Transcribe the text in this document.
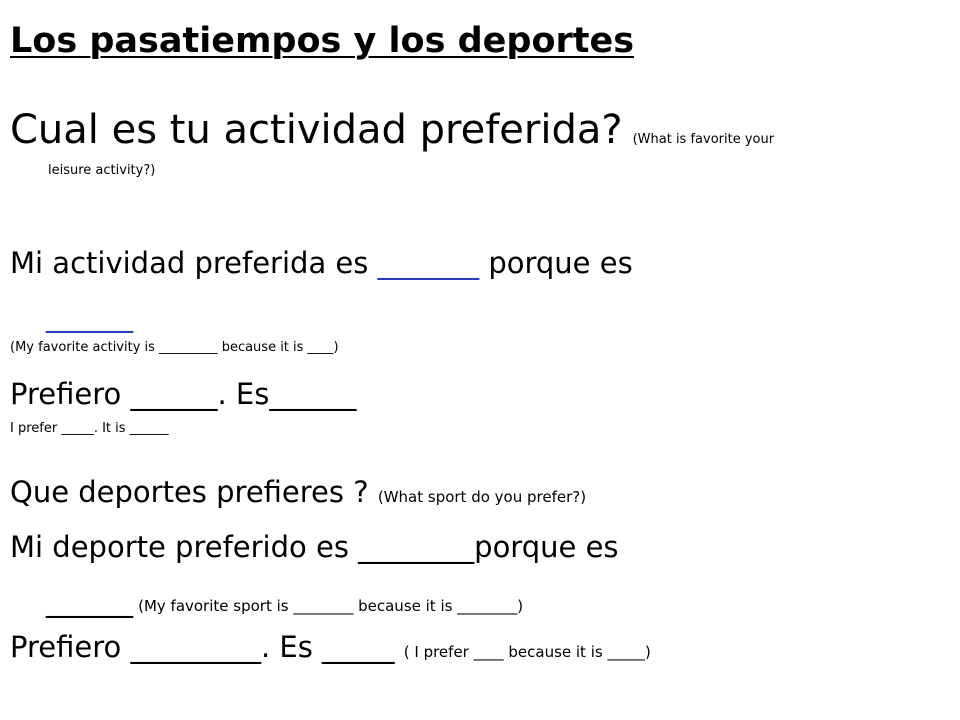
Los pasatiempos y los deportes
Cual es tu actividad preferida? (What is favorite your
leisure activity?)
Mi actividad preferida es _______ porque es
______
(My favorite activity is _________ because it is ____)
Prefiero ______. Es______
I prefer _____. It is ______
Que deportes prefieres ? (What sport do you prefer?)
Mi deporte preferido es ________porque es
______ (My favorite sport is ________ because it is ________)
Prefiero _________. Es _____ ( I prefer ____ because it is _____)
